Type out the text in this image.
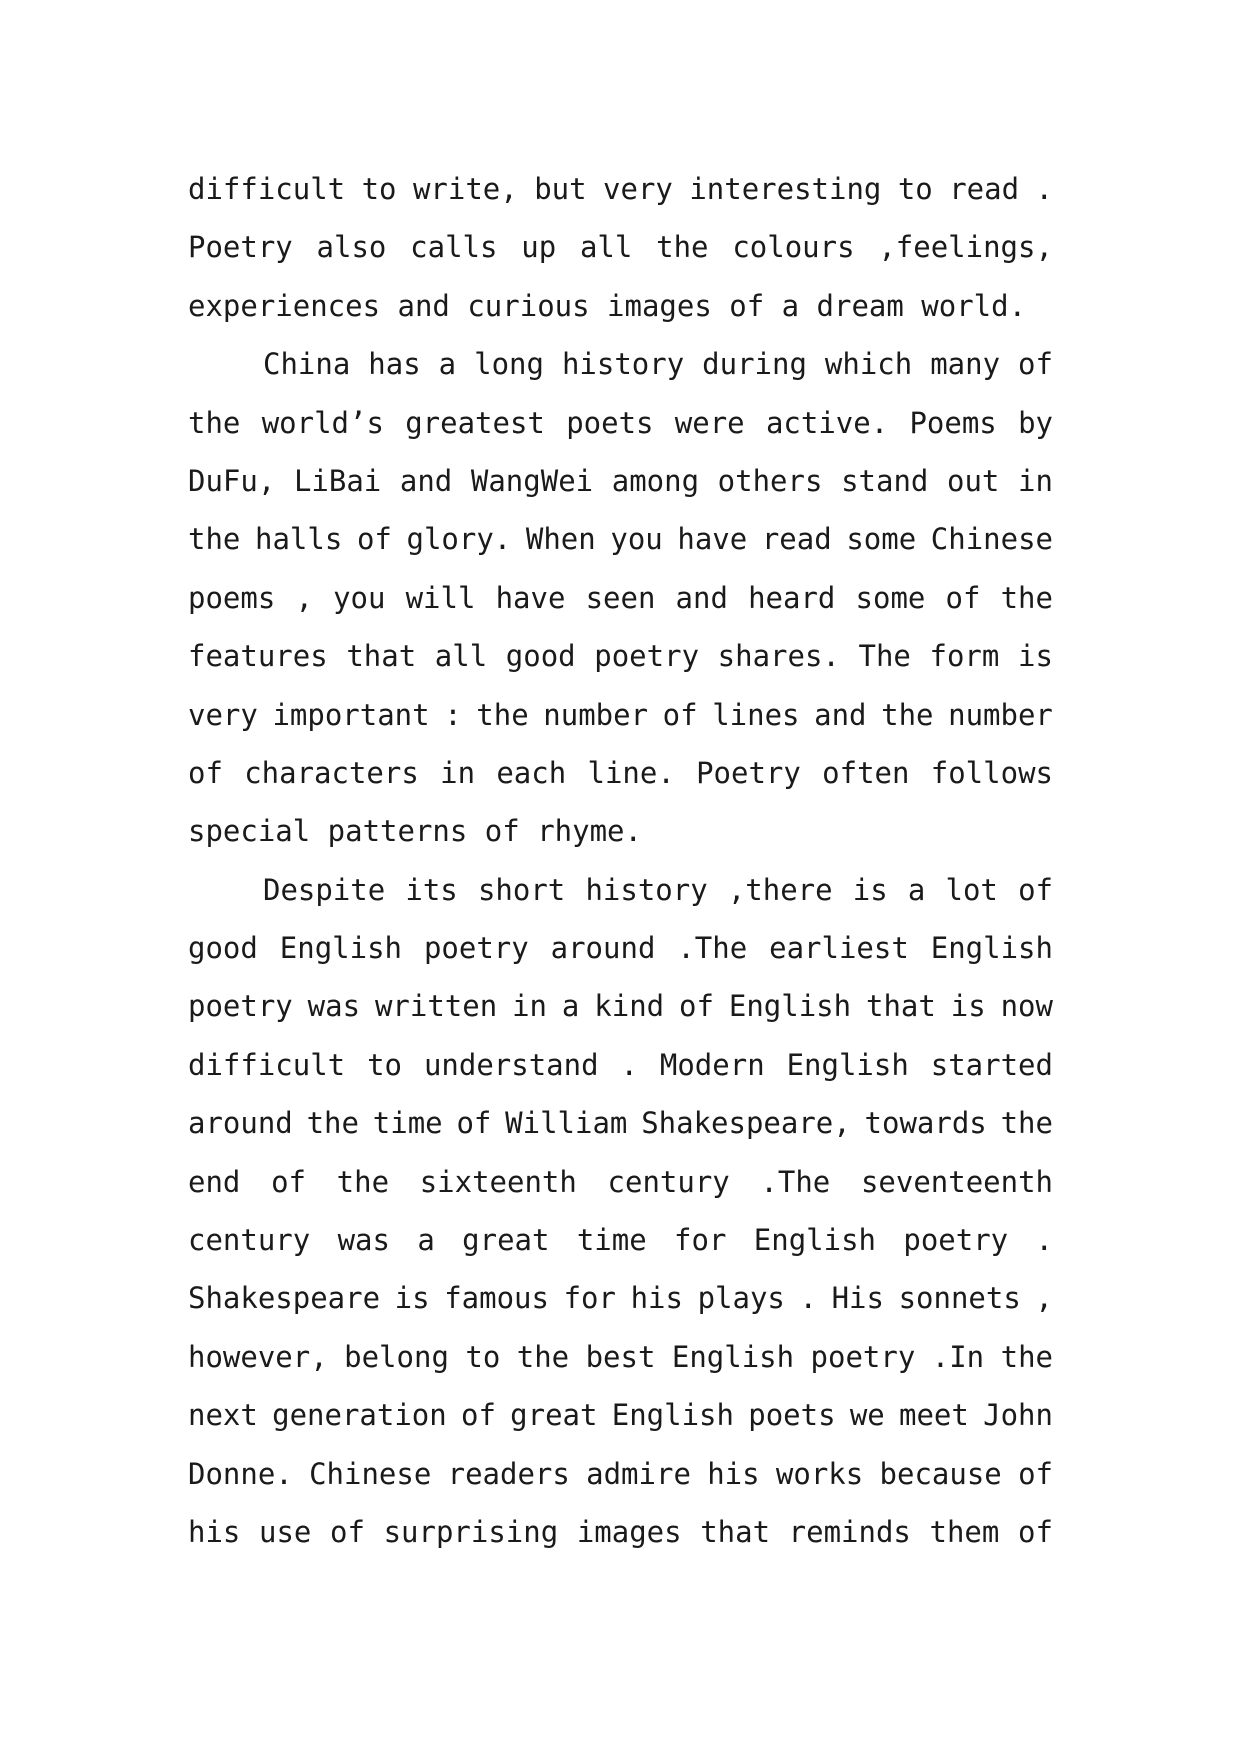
difficult to write, but very interesting to read .
Poetry also calls up all the colours ,feelings,
experiences and curious images of a dream world.
China has a long history during which many of
the world’s greatest poets were active. Poems by
DuFu, LiBai and WangWei among others stand out in
the halls of glory. When you have read some Chinese
poems , you will have seen and heard some of the
features that all good poetry shares. The form is
very important : the number of lines and the number
of characters in each line. Poetry often follows
special patterns of rhyme.
Despite its short history ,there is a lot of
good English poetry around .The earliest English
poetry was written in a kind of English that is now
difficult to understand . Modern English started
around the time of William Shakespeare, towards the
end of the sixteenth century .The seventeenth
century was a great time for English poetry .
Shakespeare is famous for his plays . His sonnets ,
however, belong to the best English poetry .In the
next generation of great English poets we meet John
Donne. Chinese readers admire his works because of
his use of surprising images that reminds them of
